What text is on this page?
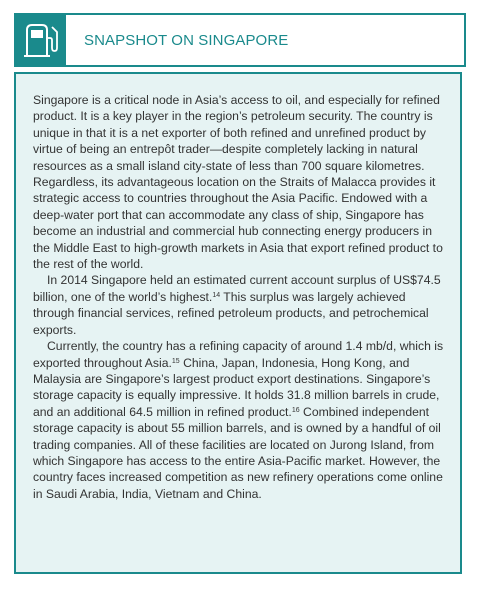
SNAPSHOT ON SINGAPORE

Singapore is a critical node in Asia’s access to oil, and especially for refined product. It is a key player in the region’s petroleum security. The country is unique in that it is a net exporter of both refined and unrefined product by virtue of being an entrepôt trader—despite completely lacking in natural resources as a small island city-state of less than 700 square kilometres. Regardless, its advantageous location on the Straits of Malacca provides it strategic access to countries throughout the Asia Pacific. Endowed with a deep-water port that can accommodate any class of ship, Singapore has become an industrial and commercial hub connecting energy producers in the Middle East to high-growth markets in Asia that export refined product to the rest of the world.

In 2014 Singapore held an estimated current account surplus of US$74.5 billion, one of the world’s highest.$^{14}$ This surplus was largely achieved through financial services, refined petroleum products, and petrochemical exports.

Currently, the country has a refining capacity of around 1.4 mb/d, which is exported throughout Asia.$^{15}$ China, Japan, Indonesia, Hong Kong, and Malaysia are Singapore’s largest product export destinations. Singapore’s storage capacity is equally impressive. It holds 31.8 million barrels in crude, and an additional 64.5 million in refined product.$^{16}$ Combined independent storage capacity is about 55 million barrels, and is owned by a handful of oil trading companies. All of these facilities are located on Jurong Island, from which Singapore has access to the entire Asia-Pacific market. However, the country faces increased competition as new refinery operations come online in Saudi Arabia, India, Vietnam and China.
